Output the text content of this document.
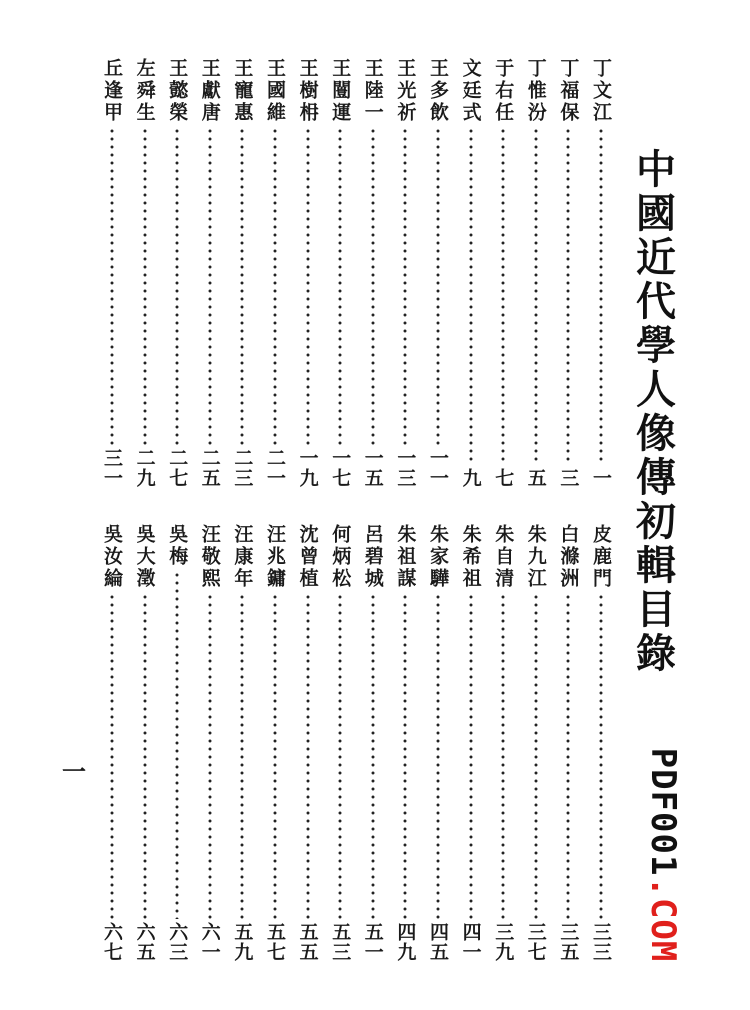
中國近代學人像傳初輯目錄
PDF001.COM
一
丁文江
一
丁福保
三
丁惟汾
五
于右任
七
文廷式
九
王多飲
一一
王光祈
一三
王陸一
一五
王闓運
一七
王樹枏
一九
王國維
二一
王寵惠
二三
王獻唐
二五
王懿榮
二七
左舜生
二九
丘逢甲
三一
皮鹿門
三三
白滌洲
三五
朱九江
三七
朱自清
三九
朱希祖
四一
朱家驊
四五
朱祖謀
四九
呂碧城
五一
何炳松
五三
沈曾植
五五
汪兆鏞
五七
汪康年
五九
汪敬熙
六一
吳梅
六三
吳大澂
六五
吳汝綸
六七
